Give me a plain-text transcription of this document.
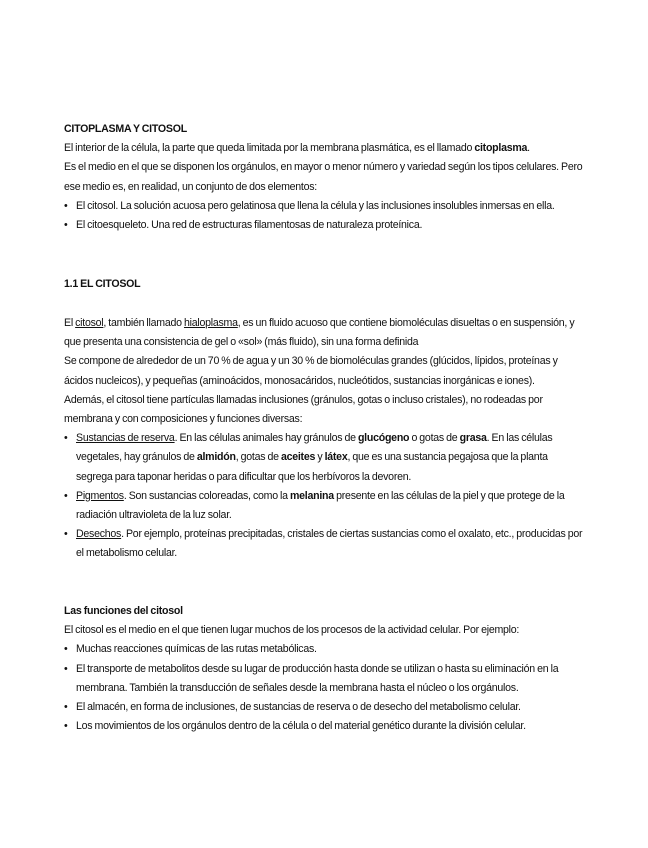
CITOPLASMA Y CITOSOL

El interior de la célula, la parte que queda limitada por la membrana plasmática, es el llamado citoplasma.

Es el medio en el que se disponen los orgánulos, en mayor o menor número y variedad según los tipos celulares. Pero ese medio es, en realidad, un conjunto de dos elementos:

• El citosol. La solución acuosa pero gelatinosa que llena la célula y las inclusiones insolubles inmersas en ella.
• El citoesqueleto. Una red de estructuras filamentosas de naturaleza proteínica.

1.1 EL CITOSOL

El citosol, también llamado hialoplasma, es un fluido acuoso que contiene biomoléculas disueltas o en suspensión, y que presenta una consistencia de gel o «sol» (más fluido), sin una forma definida

Se compone de alrededor de un 70 % de agua y un 30 % de biomoléculas grandes (glúcidos, lípidos, proteínas y ácidos nucleicos), y pequeñas (aminoácidos, monosacáridos, nucleótidos, sustancias inorgánicas e iones).

Además, el citosol tiene partículas llamadas inclusiones (gránulos, gotas o incluso cristales), no rodeadas por membrana y con composiciones y funciones diversas:

• Sustancias de reserva. En las células animales hay gránulos de glucógeno o gotas de grasa. En las células vegetales, hay gránulos de almidón, gotas de aceites y látex, que es una sustancia pegajosa que la planta segrega para taponar heridas o para dificultar que los herbívoros la devoren.
• Pigmentos. Son sustancias coloreadas, como la melanina presente en las células de la piel y que protege de la radiación ultravioleta de la luz solar.
• Desechos. Por ejemplo, proteínas precipitadas, cristales de ciertas sustancias como el oxalato, etc., producidas por el metabolismo celular.

Las funciones del citosol

El citosol es el medio en el que tienen lugar muchos de los procesos de la actividad celular. Por ejemplo:

• Muchas reacciones químicas de las rutas metabólicas.
• El transporte de metabolitos desde su lugar de producción hasta donde se utilizan o hasta su eliminación en la membrana. También la transducción de señales desde la membrana hasta el núcleo o los orgánulos.
• El almacén, en forma de inclusiones, de sustancias de reserva o de desecho del metabolismo celular.
• Los movimientos de los orgánulos dentro de la célula o del material genético durante la división celular.
